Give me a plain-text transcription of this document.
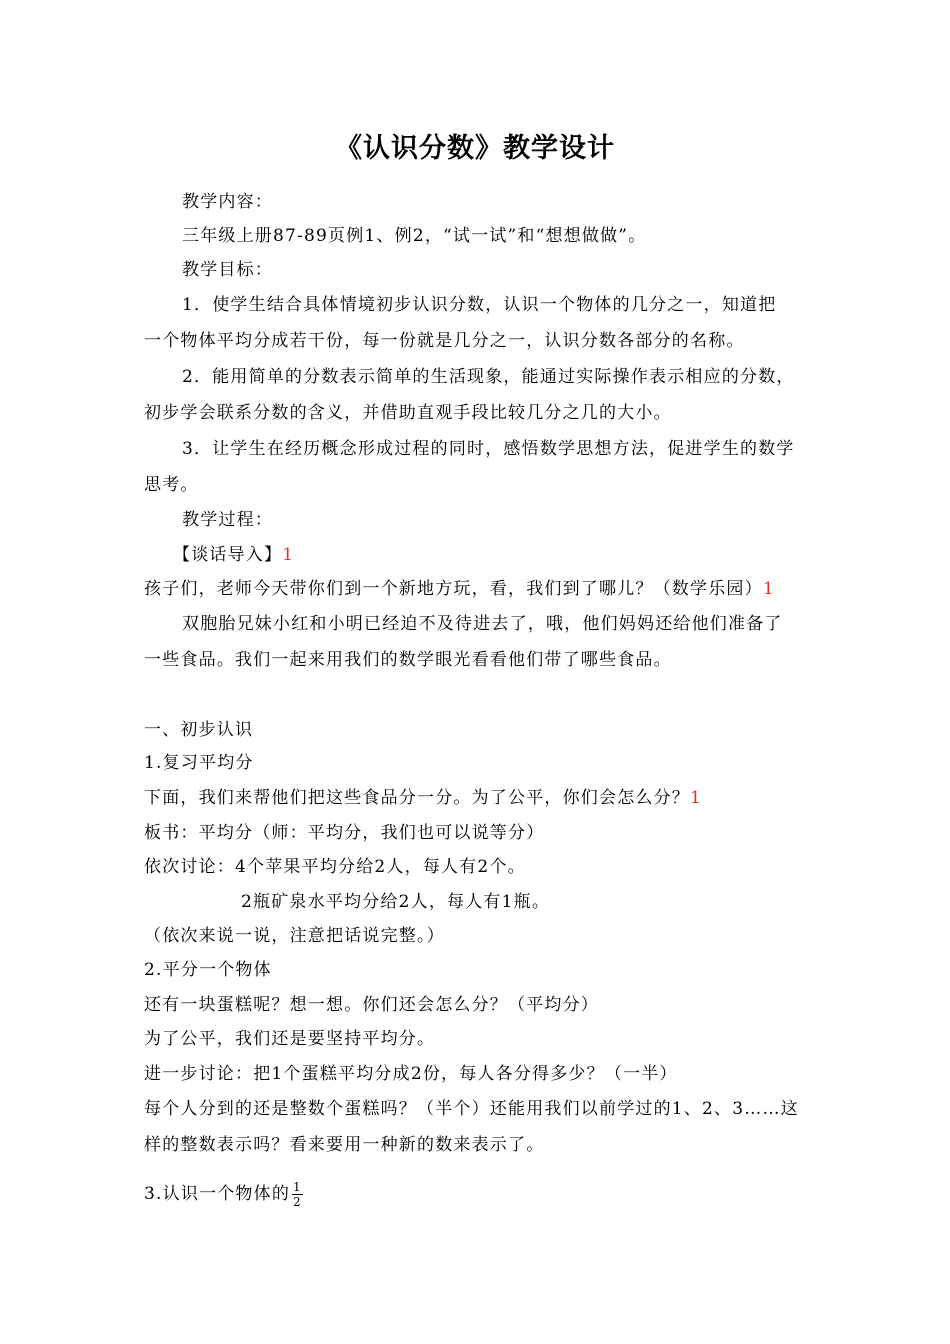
《认识分数》教学设计
教学内容：
三年级上册87-89页例1、例2，“试一试”和“想想做做”。
教学目标：
1．使学生结合具体情境初步认识分数，认识一个物体的几分之一，知道把
一个物体平均分成若干份，每一份就是几分之一，认识分数各部分的名称。
2．能用简单的分数表示简单的生活现象，能通过实际操作表示相应的分数，
初步学会联系分数的含义，并借助直观手段比较几分之几的大小。
3．让学生在经历概念形成过程的同时，感悟数学思想方法，促进学生的数学
思考。
教学过程：
【谈话导入】1
孩子们，老师今天带你们到一个新地方玩，看，我们到了哪儿？（数学乐园）1
双胞胎兄妹小红和小明已经迫不及待进去了，哦，他们妈妈还给他们准备了
一些食品。我们一起来用我们的数学眼光看看他们带了哪些食品。
一、初步认识
1.复习平均分
下面，我们来帮他们把这些食品分一分。为了公平，你们会怎么分？1
板书：平均分（师：平均分，我们也可以说等分）
依次讨论：4个苹果平均分给2人，每人有2个。
2瓶矿泉水平均分给2人，每人有1瓶。
（依次来说一说，注意把话说完整。）
2.平分一个物体
还有一块蛋糕呢？想一想。你们还会怎么分？（平均分）
为了公平，我们还是要坚持平均分。
进一步讨论：把1个蛋糕平均分成2份，每人各分得多少？（一半）
每个人分到的还是整数个蛋糕吗？（半个）还能用我们以前学过的1、2、3……这
样的整数表示吗？看来要用一种新的数来表示了。
3.认识一个物体的 $\frac{1}{2}$
